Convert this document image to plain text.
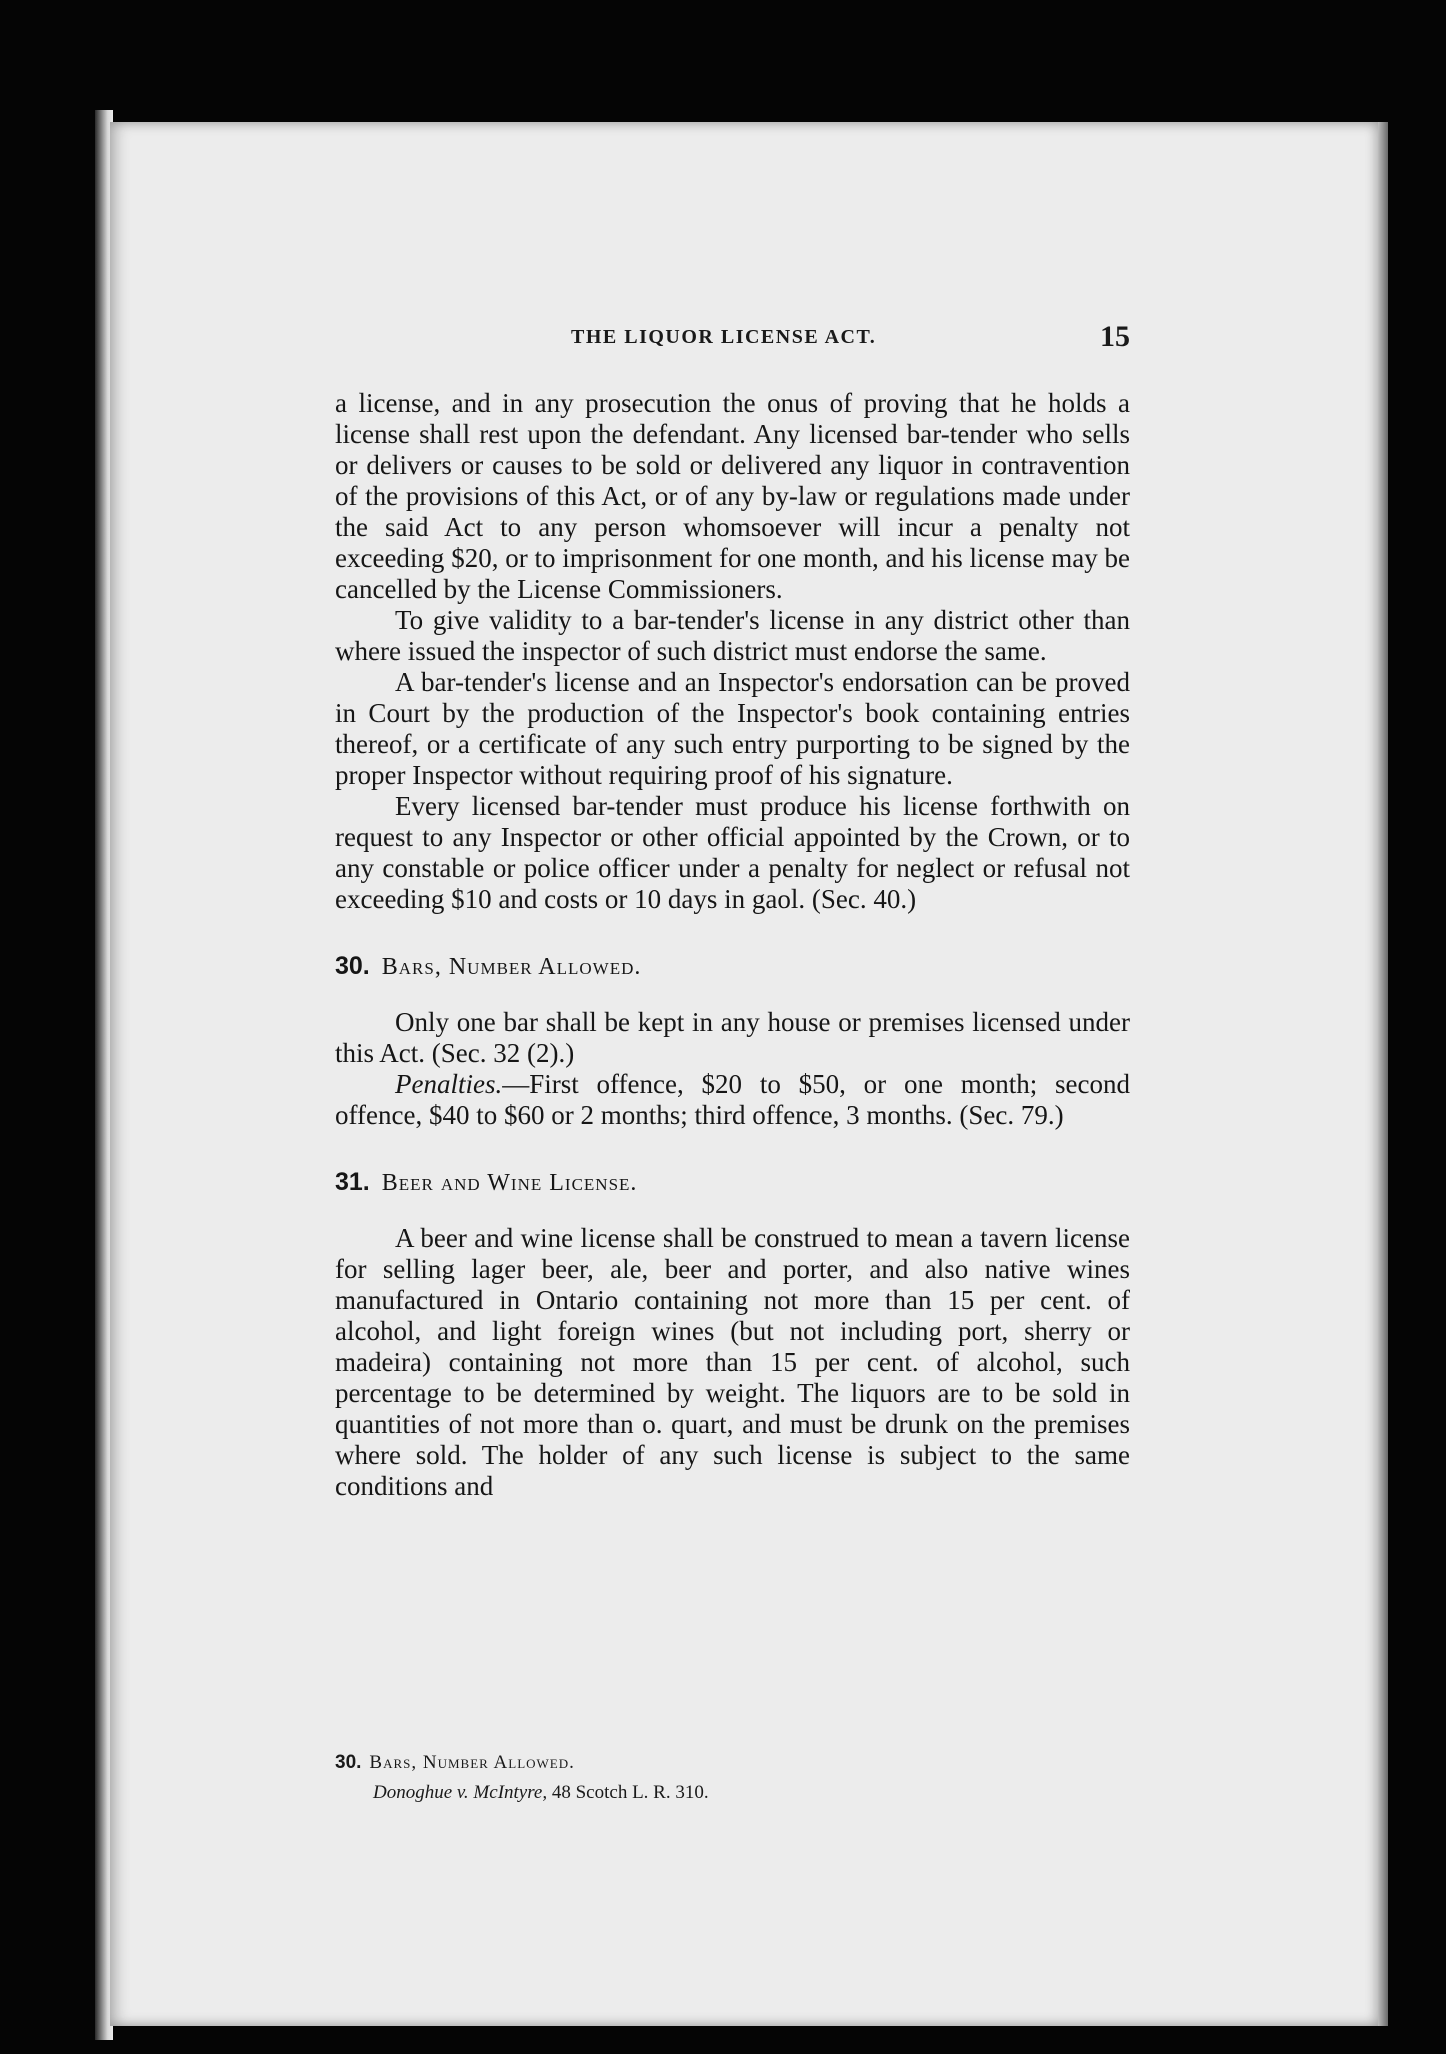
THE LIQUOR LICENSE ACT.	15

a license, and in any prosecution the onus of proving that he holds a license shall rest upon the defendant. Any licensed bar-tender who sells or delivers or causes to be sold or delivered any liquor in contravention of the provisions of this Act, or of any by-law or regulations made under the said Act to any person whomsoever will incur a penalty not exceeding $20, or to imprisonment for one month, and his license may be cancelled by the License Commissioners.

To give validity to a bar-tender's license in any district other than where issued the inspector of such district must endorse the same.

A bar-tender's license and an Inspector's endorsation can be proved in Court by the production of the Inspector's book containing entries thereof, or a certificate of any such entry purporting to be signed by the proper Inspector without requiring proof of his signature.

Every licensed bar-tender must produce his license forthwith on request to any Inspector or other official appointed by the Crown, or to any constable or police officer under a penalty for neglect or refusal not exceeding $10 and costs or 10 days in gaol. (Sec. 40.)

30. Bars, Number Allowed.

Only one bar shall be kept in any house or premises licensed under this Act. (Sec. 32 (2).)

Penalties.—First offence, $20 to $50, or one month; second offence, $40 to $60 or 2 months; third offence, 3 months. (Sec. 79.)

31. Beer and Wine License.

A beer and wine license shall be construed to mean a tavern license for selling lager beer, ale, beer and porter, and also native wines manufactured in Ontario containing not more than 15 per cent. of alcohol, and light foreign wines (but not including port, sherry or madeira) containing not more than 15 per cent. of alcohol, such percentage to be determined by weight. The liquors are to be sold in quantities of not more than o. quart, and must be drunk on the premises where sold. The holder of any such license is subject to the same conditions and

30. Bars, Number Allowed.
Donoghue v. McIntyre, 48 Scotch L. R. 310.
